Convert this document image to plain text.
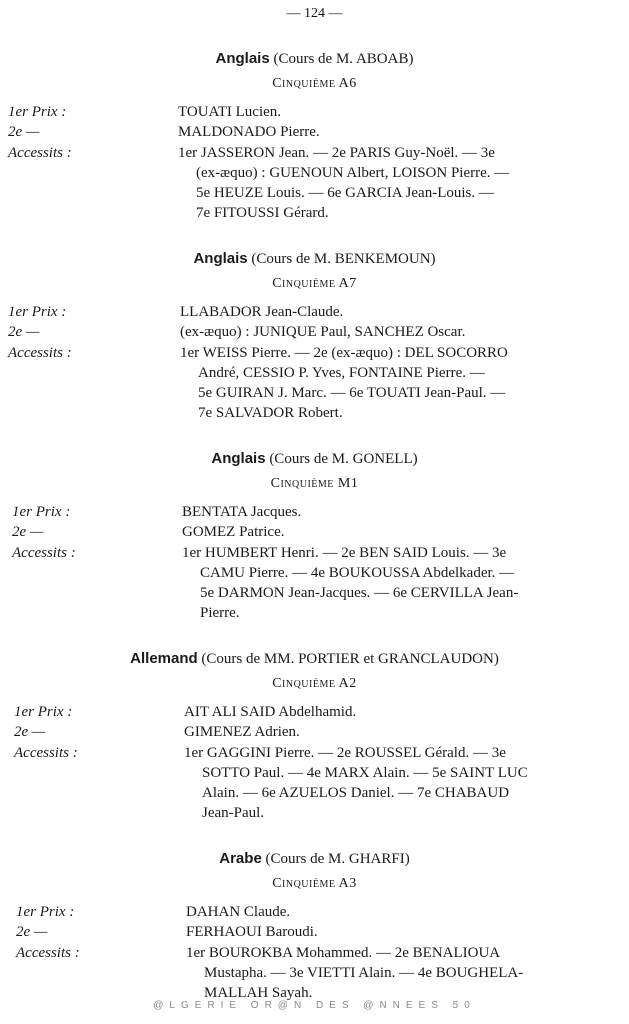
— 124 —
Anglais (Cours de M. ABOAB)
Cinquième A6
1er Prix :	TOUATI Lucien.
2e —	MALDONADO Pierre.
Accessits :	1er JASSERON Jean. — 2e PARIS Guy-Noël. — 3e
(ex-æquo) : GUENOUN Albert, LOISON Pierre. —
5e HEUZE Louis. — 6e GARCIA Jean-Louis. —
7e FITOUSSI Gérard.
Anglais (Cours de M. BENKEMOUN)
Cinquième A7
1er Prix :	LLABADOR Jean-Claude.
2e —	(ex-æquo) : JUNIQUE Paul, SANCHEZ Oscar.
Accessits :	1er WEISS Pierre. — 2e (ex-æquo) : DEL SOCORRO
André, CESSIO P. Yves, FONTAINE Pierre. —
5e GUIRAN J. Marc. — 6e TOUATI Jean-Paul. —
7e SALVADOR Robert.
Anglais (Cours de M. GONELL)
Cinquième M1
1er Prix :	BENTATA Jacques.
2e —	GOMEZ Patrice.
Accessits :	1er HUMBERT Henri. — 2e BEN SAID Louis. — 3e
CAMU Pierre. — 4e BOUKOUSSA Abdelkader. —
5e DARMON Jean-Jacques. — 6e CERVILLA Jean-
Pierre.
Allemand (Cours de MM. PORTIER et GRANCLAUDON)
Cinquième A2
1er Prix :	AIT ALI SAID Abdelhamid.
2e —	GIMENEZ Adrien.
Accessits :	1er GAGGINI Pierre. — 2e ROUSSEL Gérald. — 3e
SOTTO Paul. — 4e MARX Alain. — 5e SAINT LUC
Alain. — 6e AZUELOS Daniel. — 7e CHABAUD
Jean-Paul.
Arabe (Cours de M. GHARFI)
Cinquième A3
1er Prix :	DAHAN Claude.
2e —	FERHAOUI Baroudi.
Accessits :	1er BOUROKBA Mohammed. — 2e BENALIOUA
Mustapha. — 3e VIETTI Alain. — 4e BOUGHELA-
MALLAH Sayah.
@LGERIE OR@N DES @NNEES 50
